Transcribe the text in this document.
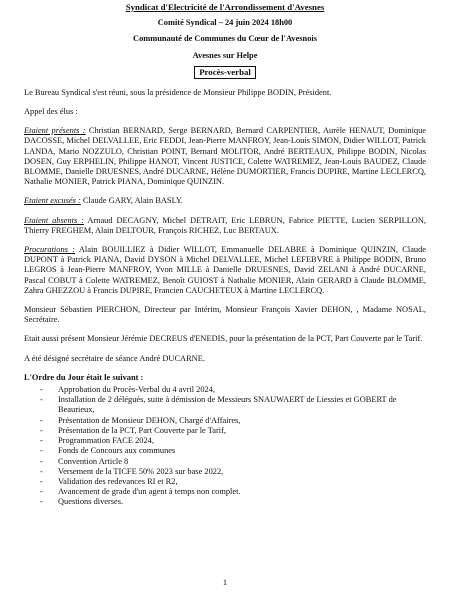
Syndicat d'Electricité de l'Arrondissement d'Avesnes
Comité Syndical – 24 juin 2024 18h00
Communauté de Communes du Cœur de l'Avesnois
Avesnes sur Helpe
Procès-verbal
Le Bureau Syndical s'est réuni, sous la présidence de Monsieur Philippe BODIN, Président.
Appel des élus :
Etaient présents : Christian BERNARD, Serge BERNARD, Bernard CARPENTIER, Aurèle HENAUT, Dominique DACOSSE, Michel DELVALLEE, Eric FEDDI, Jean-Pierre MANFROY, Jean-Louis SIMON, Didier WILLOT, Patrick LANDA, Mario NOZZULO, Christian POINT, Bernard MOLITOR, André BERTEAUX, Philippe BODIN, Nicolas DOSEN, Guy ERPHELIN, Philippe HANOT, Vincent JUSTICE, Colette WATREMEZ, Jean-Louis BAUDEZ, Claude BLOMME, Danielle DRUESNES, André DUCARNE, Hélène DUMORTIER, Francis DUPIRE, Martine LECLERCQ, Nathalie MONIER, Patrick PIANA, Dominique QUINZIN.
Etaient excusés : Claude GARY, Alain BASLY.
Etaient absents : Arnaud DECAGNY, Michel DETRAIT, Eric LEBRUN, Fabrice PIETTE, Lucien SERPILLON, Thierry FREGHEM, Alain DELTOUR, François RICHEZ, Luc BERTAUX.
Procurations : Alain BOUILLIEZ à Didier WILLOT, Emmanuelle DELABRE à Dominique QUINZIN, Claude DUPONT à Patrick PIANA, David DYSON à Michel DELVALLEE, Michel LEFEBVRE à Philippe BODIN, Bruno LEGROS à Jean-Pierre MANFROY, Yvon MILLE à Danielle DRUESNES, David ZELANI à André DUCARNE, Pascal COBUT à Colette WATREMEZ, Benoît GUIOST à Nathalie MONIER, Alain GERARD à Claude BLOMME, Zahra GHEZZOU à Francis DUPIRE, Francien CAUCHETEUX à Martine LECLERCQ.
Monsieur Sébastien PIERCHON, Directeur par Intérim, Monsieur François Xavier DEHON, , Madame NOSAL, Secrétaire.
Etait aussi présent Monsieur Jérémie DECREUS d'ENEDIS, pour la présentation de la PCT, Part Couverte par le Tarif.
A été désigné secrétaire de séance André DUCARNE.
L'Ordre du Jour était le suivant :
- Approbation du Procès-Verbal du 4 avril 2024,
- Installation de 2 délégués, suite à démission de Messieurs SNAUWAERT de Liessies et GOBERT de Beaurieux,
- Présentation de Monsieur DEHON, Chargé d'Affaires,
- Présentation de la PCT, Part Couverte par le Tarif,
- Programmation FACE 2024,
- Fonds de Concours aux communes
- Convention Article 8
- Versement de la TICFE 50% 2023 sur base 2022,
- Validation des redevances RI et R2,
- Avancement de grade d'un agent à temps non complet.
- Questions diverses.
1
